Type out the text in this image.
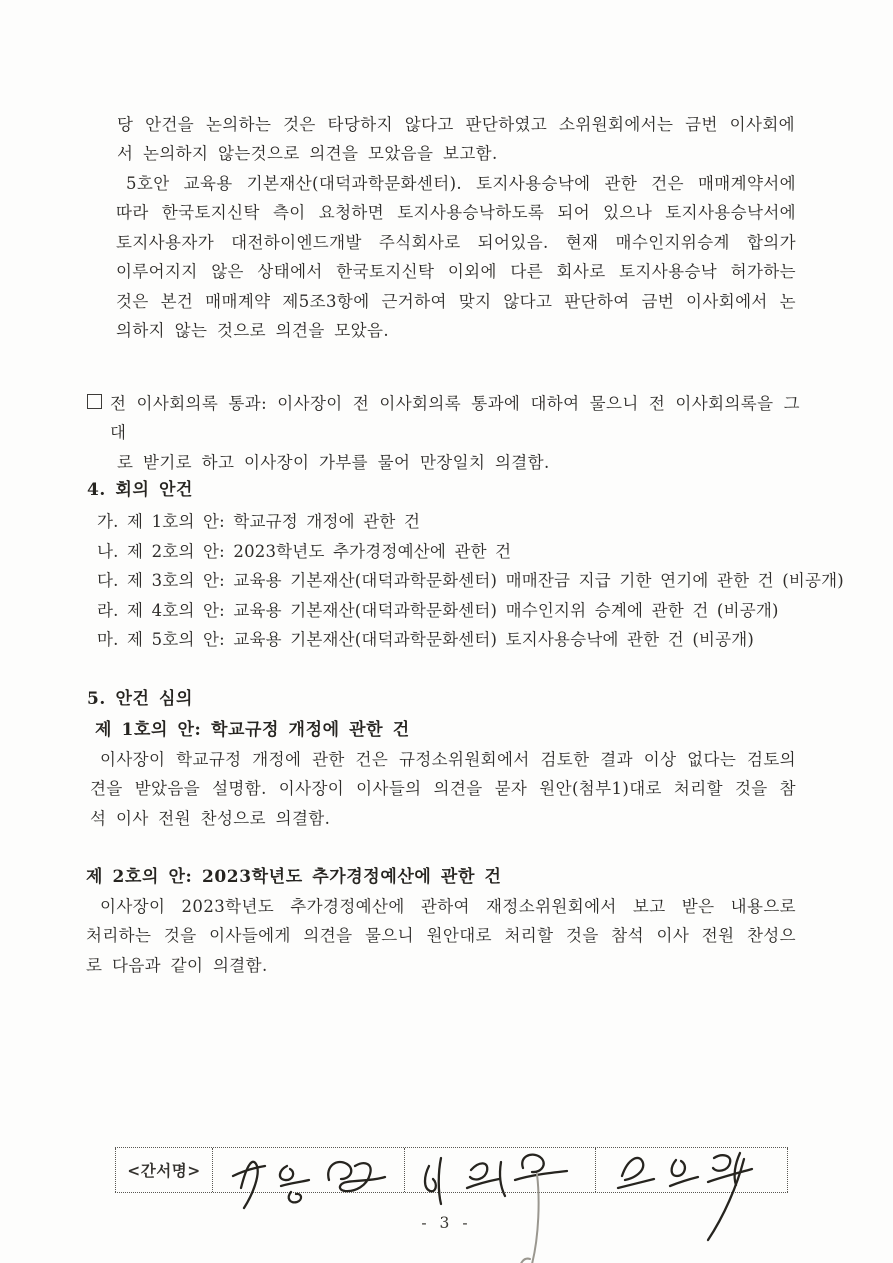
당 안건을 논의하는 것은 타당하지 않다고 판단하였고 소위원회에서는 금번 이사회에
서 논의하지 않는것으로 의견을 모았음을 보고함.
5호안 교육용 기본재산(대덕과학문화센터). 토지사용승낙에 관한 건은 매매계약서에
따라 한국토지신탁 측이 요청하면 토지사용승낙하도록 되어 있으나 토지사용승낙서에
토지사용자가 대전하이엔드개발 주식회사로 되어있음. 현재 매수인지위승계 합의가
이루어지지 않은 상태에서 한국토지신탁 이외에 다른 회사로 토지사용승낙 허가하는
것은 본건 매매계약 제5조3항에 근거하여 맞지 않다고 판단하여 금번 이사회에서 논
의하지 않는 것으로 의견을 모았음.
전 이사회의록 통과: 이사장이 전 이사회의록 통과에 대하여 물으니 전 이사회의록을 그대
로 받기로 하고 이사장이 가부를 물어 만장일치 의결함.
4. 회의 안건
가. 제 1호의 안: 학교규정 개정에 관한 건
나. 제 2호의 안: 2023학년도 추가경정예산에 관한 건
다. 제 3호의 안: 교육용 기본재산(대덕과학문화센터) 매매잔금 지급 기한 연기에 관한 건 (비공개)
라. 제 4호의 안: 교육용 기본재산(대덕과학문화센터) 매수인지위 승계에 관한 건 (비공개)
마. 제 5호의 안: 교육용 기본재산(대덕과학문화센터) 토지사용승낙에 관한 건 (비공개)
5. 안건 심의
제 1호의 안: 학교규정 개정에 관한 건
이사장이 학교규정 개정에 관한 건은 규정소위원회에서 검토한 결과 이상 없다는 검토의
견을 받았음을 설명함. 이사장이 이사들의 의견을 묻자 원안(첨부1)대로 처리할 것을 참
석 이사 전원 찬성으로 의결함.
제 2호의 안: 2023학년도 추가경정예산에 관한 건
이사장이 2023학년도 추가경정예산에 관하여 재정소위원회에서 보고 받은 내용으로
처리하는 것을 이사들에게 의견을 물으니 원안대로 처리할 것을 참석 이사 전원 찬성으
로 다음과 같이 의결함.
<간서명>
- 3 -
